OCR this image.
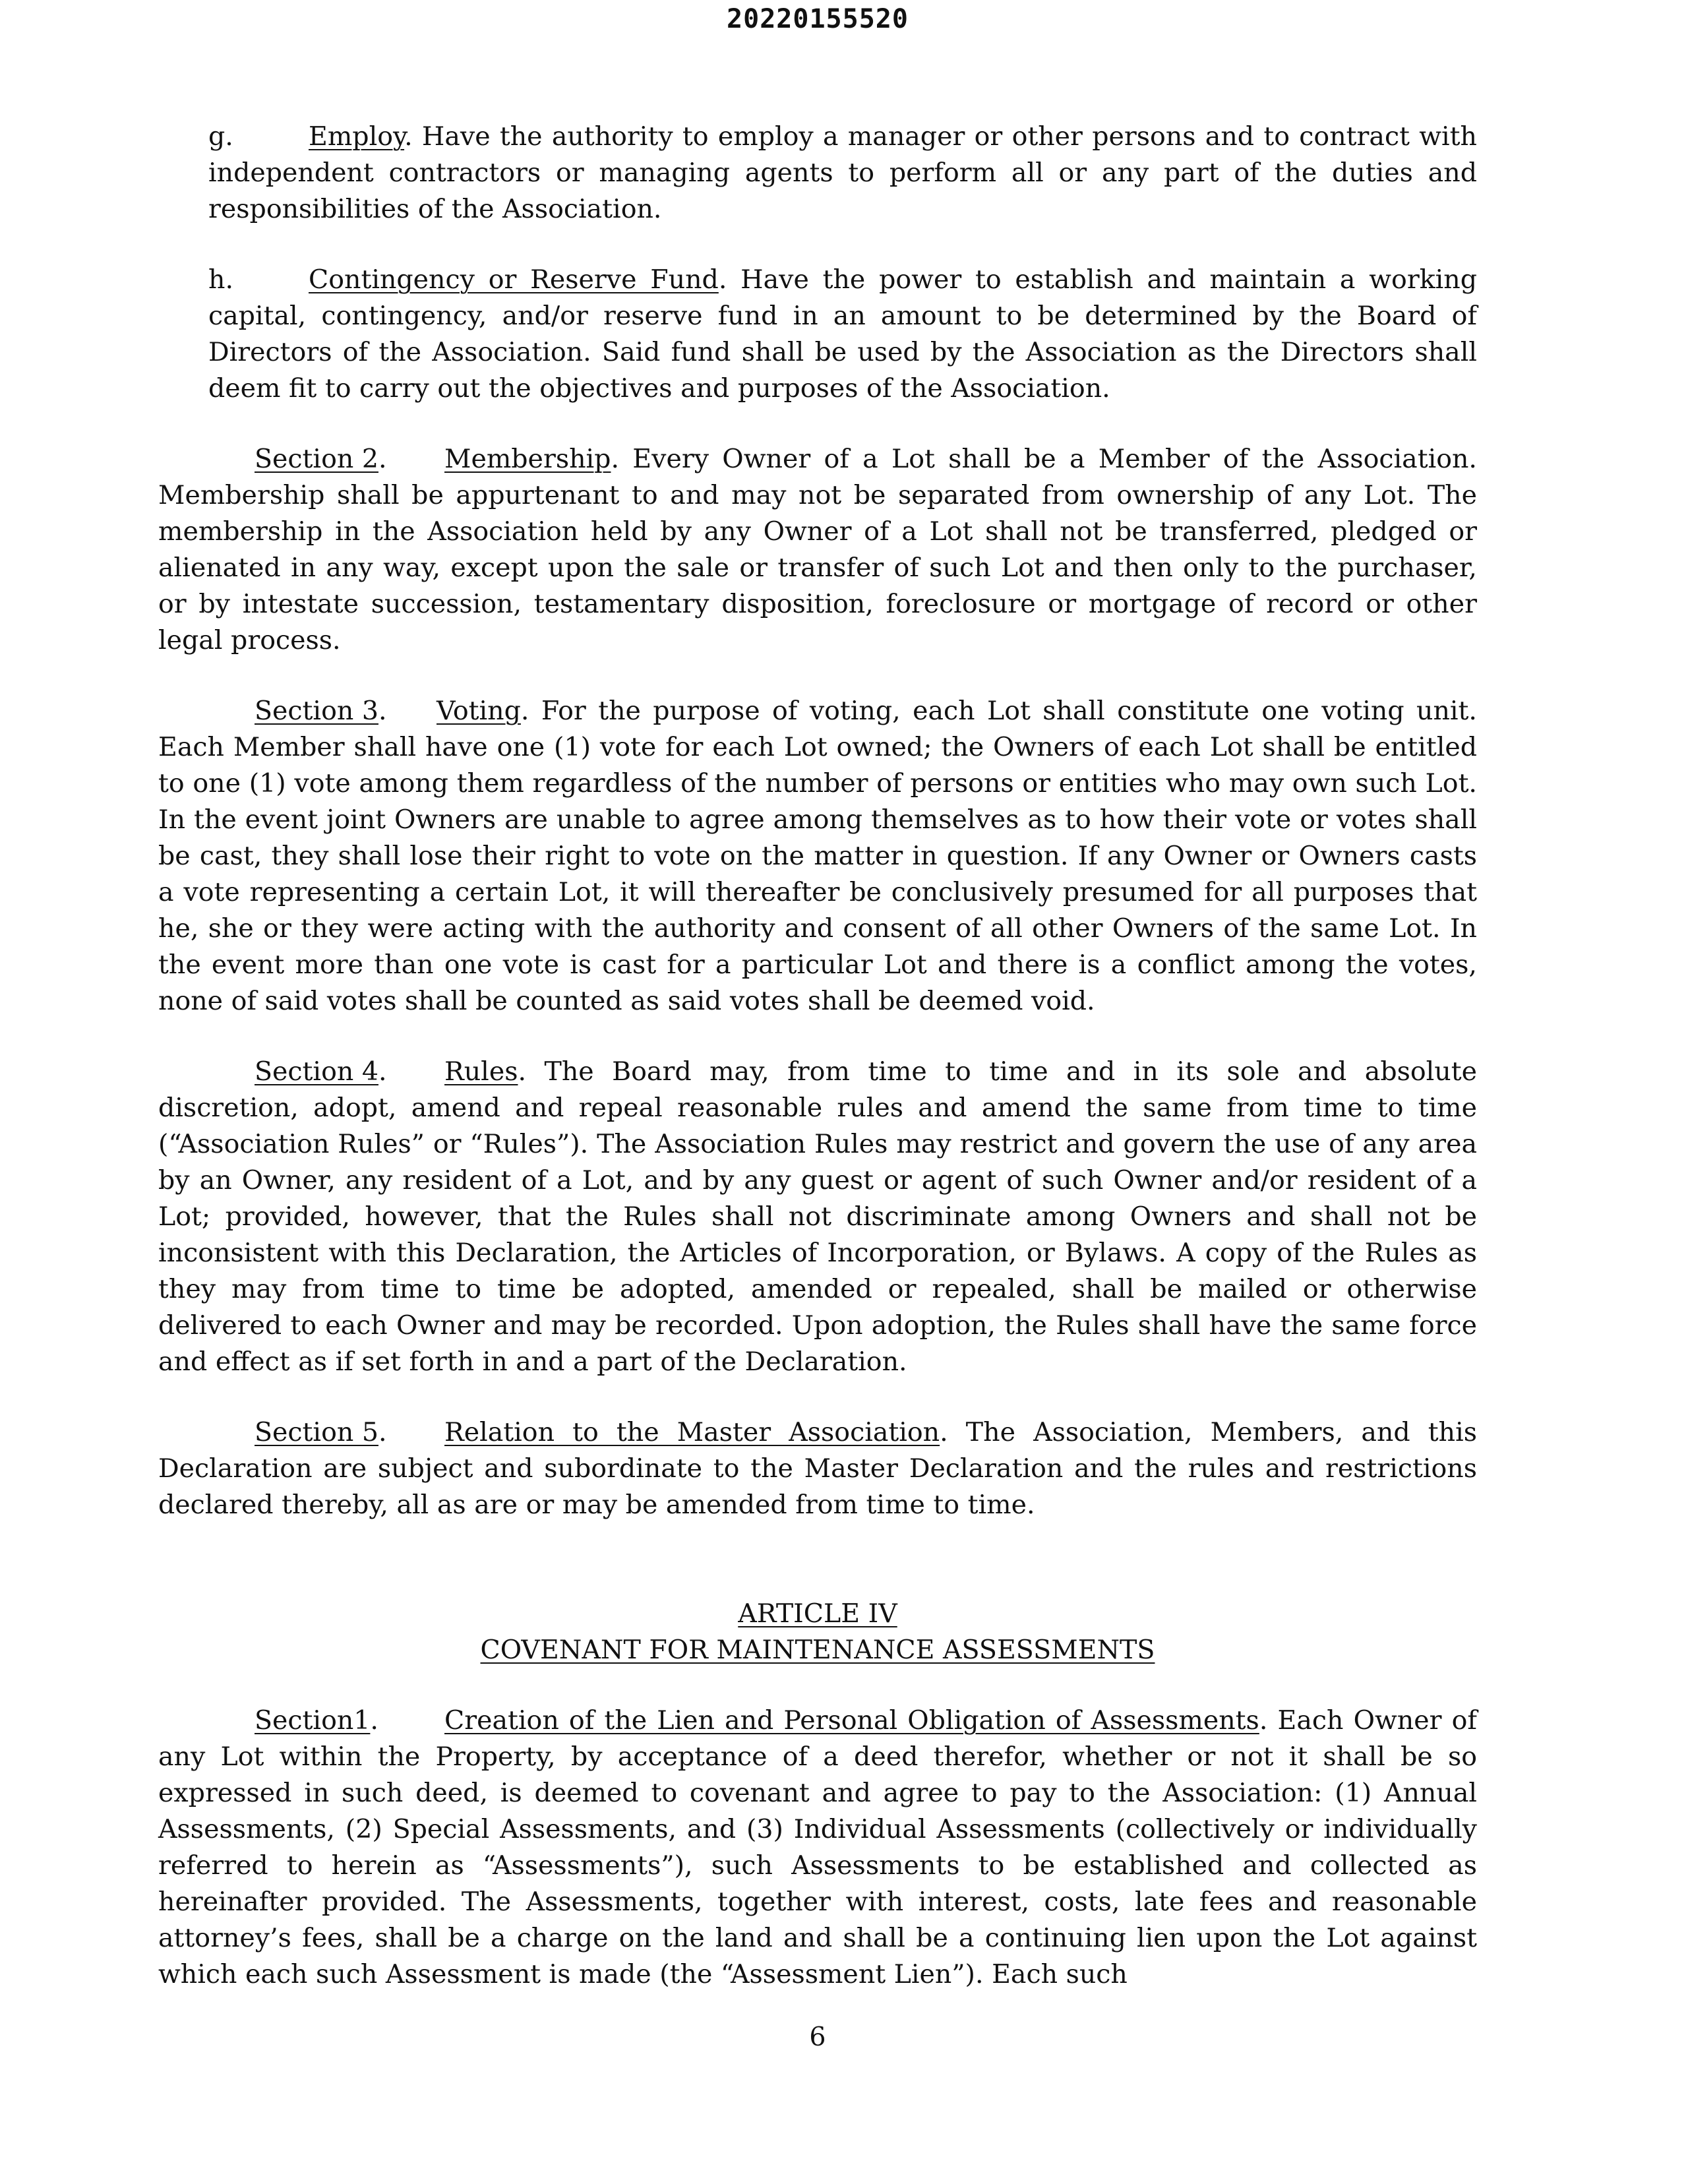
20220155520

g.	Employ. Have the authority to employ a manager or other persons and to contract with independent contractors or managing agents to perform all or any part of the duties and responsibilities of the Association.

h.	Contingency or Reserve Fund. Have the power to establish and maintain a working capital, contingency, and/or reserve fund in an amount to be determined by the Board of Directors of the Association. Said fund shall be used by the Association as the Directors shall deem fit to carry out the objectives and purposes of the Association.

Section 2. Membership. Every Owner of a Lot shall be a Member of the Association. Membership shall be appurtenant to and may not be separated from ownership of any Lot. The membership in the Association held by any Owner of a Lot shall not be transferred, pledged or alienated in any way, except upon the sale or transfer of such Lot and then only to the purchaser, or by intestate succession, testamentary disposition, foreclosure or mortgage of record or other legal process.

Section 3. Voting. For the purpose of voting, each Lot shall constitute one voting unit. Each Member shall have one (1) vote for each Lot owned; the Owners of each Lot shall be entitled to one (1) vote among them regardless of the number of persons or entities who may own such Lot. In the event joint Owners are unable to agree among themselves as to how their vote or votes shall be cast, they shall lose their right to vote on the matter in question. If any Owner or Owners casts a vote representing a certain Lot, it will thereafter be conclusively presumed for all purposes that he, she or they were acting with the authority and consent of all other Owners of the same Lot. In the event more than one vote is cast for a particular Lot and there is a conflict among the votes, none of said votes shall be counted as said votes shall be deemed void.

Section 4. Rules. The Board may, from time to time and in its sole and absolute discretion, adopt, amend and repeal reasonable rules and amend the same from time to time (“Association Rules” or “Rules”). The Association Rules may restrict and govern the use of any area by an Owner, any resident of a Lot, and by any guest or agent of such Owner and/or resident of a Lot; provided, however, that the Rules shall not discriminate among Owners and shall not be inconsistent with this Declaration, the Articles of Incorporation, or Bylaws. A copy of the Rules as they may from time to time be adopted, amended or repealed, shall be mailed or otherwise delivered to each Owner and may be recorded. Upon adoption, the Rules shall have the same force and effect as if set forth in and a part of the Declaration.

Section 5. Relation to the Master Association. The Association, Members, and this Declaration are subject and subordinate to the Master Declaration and the rules and restrictions declared thereby, all as are or may be amended from time to time.

ARTICLE IV
COVENANT FOR MAINTENANCE ASSESSMENTS

Section1.	Creation of the Lien and Personal Obligation of Assessments. Each Owner of any Lot within the Property, by acceptance of a deed therefor, whether or not it shall be so expressed in such deed, is deemed to covenant and agree to pay to the Association: (1) Annual Assessments, (2) Special Assessments, and (3) Individual Assessments (collectively or individually referred to herein as “Assessments”), such Assessments to be established and collected as hereinafter provided. The Assessments, together with interest, costs, late fees and reasonable attorney’s fees, shall be a charge on the land and shall be a continuing lien upon the Lot against which each such Assessment is made (the “Assessment Lien”). Each such

6
